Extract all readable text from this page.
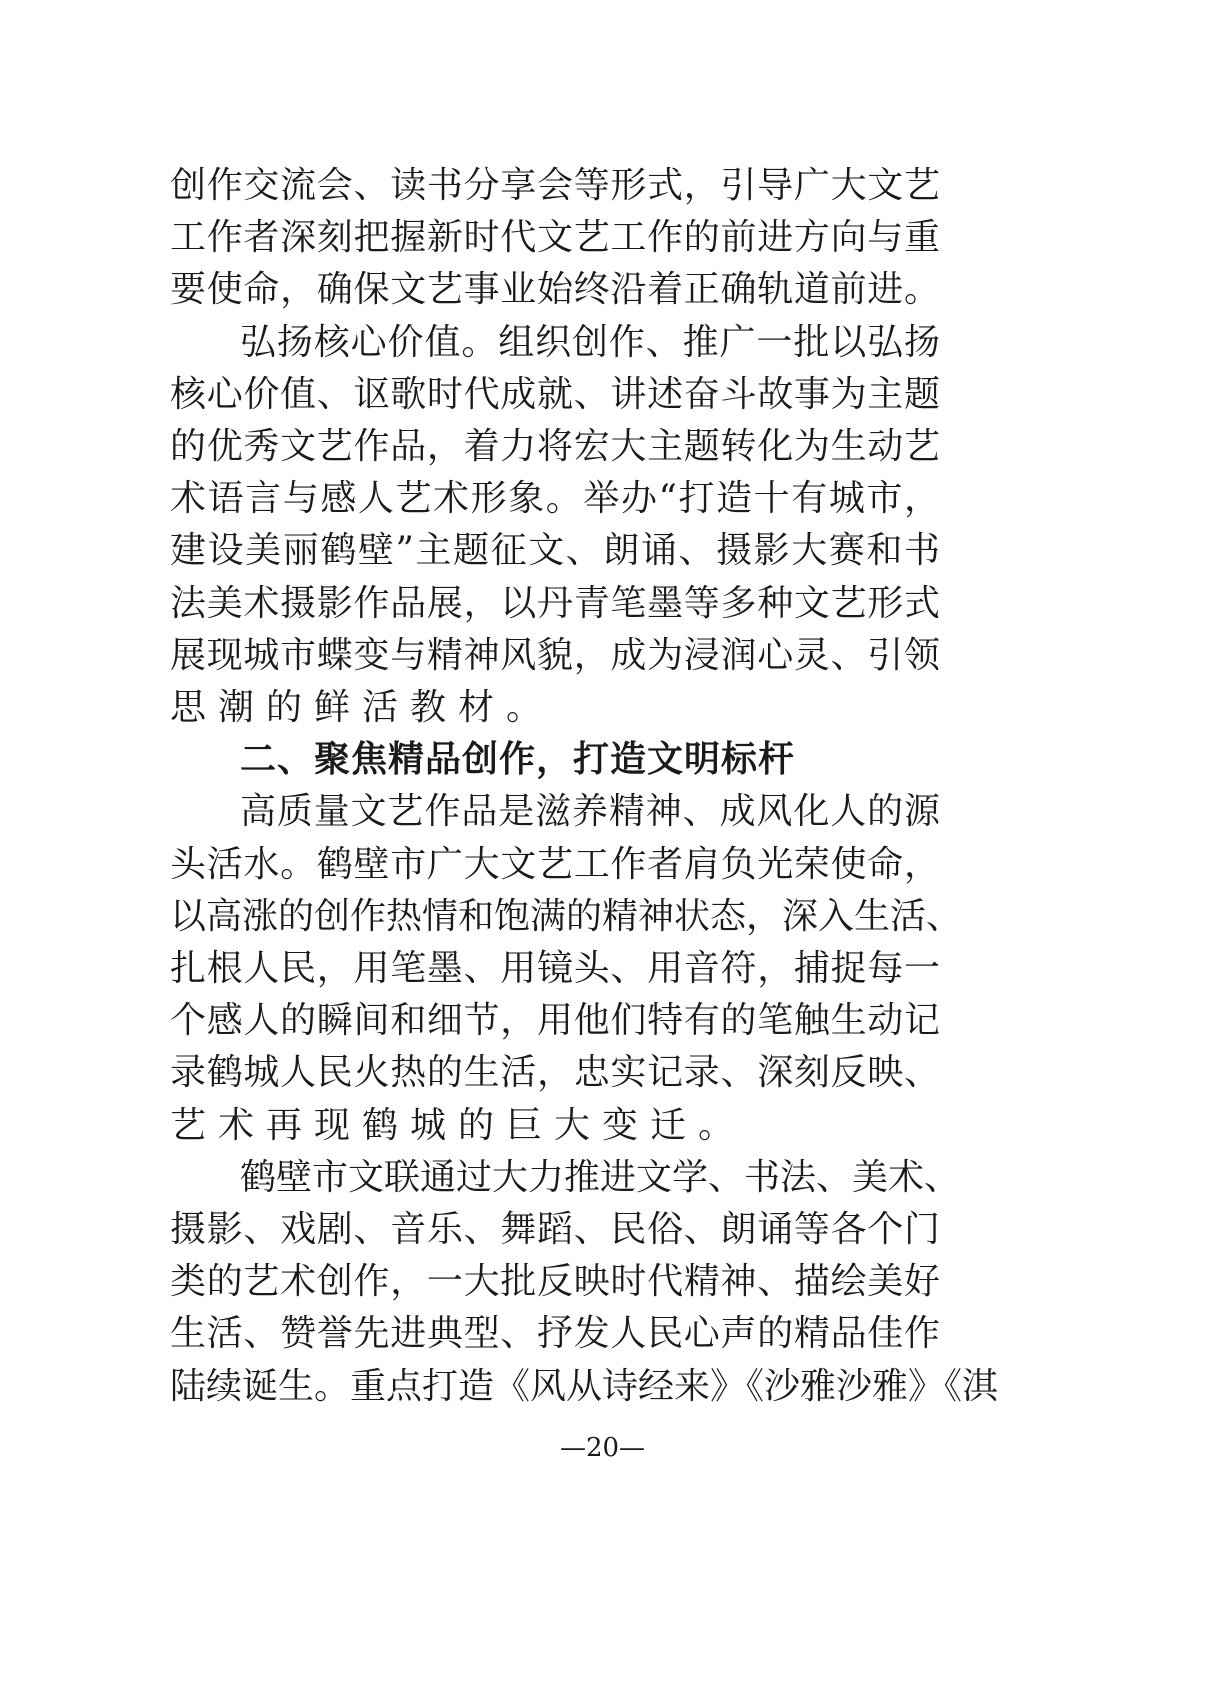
创作交流会、读书分享会等形式，引导广大文艺
工作者深刻把握新时代文艺工作的前进方向与重
要使命，确保文艺事业始终沿着正确轨道前进。
弘扬核心价值。组织创作、推广一批以弘扬
核心价值、讴歌时代成就、讲述奋斗故事为主题
的优秀文艺作品，着力将宏大主题转化为生动艺
术语言与感人艺术形象。举办“打造十有城市，
建设美丽鹤壁”主题征文、朗诵、摄影大赛和书
法美术摄影作品展，以丹青笔墨等多种文艺形式
展现城市蝶变与精神风貌，成为浸润心灵、引领
思潮的鲜活教材。
二、聚焦精品创作，打造文明标杆
高质量文艺作品是滋养精神、成风化人的源
头活水。鹤壁市广大文艺工作者肩负光荣使命，
以高涨的创作热情和饱满的精神状态，深入生活、
扎根人民，用笔墨、用镜头、用音符，捕捉每一
个感人的瞬间和细节，用他们特有的笔触生动记
录鹤城人民火热的生活，忠实记录、深刻反映、
艺术再现鹤城的巨大变迁。
鹤壁市文联通过大力推进文学、书法、美术、
摄影、戏剧、音乐、舞蹈、民俗、朗诵等各个门
类的艺术创作，一大批反映时代精神、描绘美好
生活、赞誉先进典型、抒发人民心声的精品佳作
陆续诞生。重点打造《风从诗经来》《沙雅沙雅》《淇
—20—
